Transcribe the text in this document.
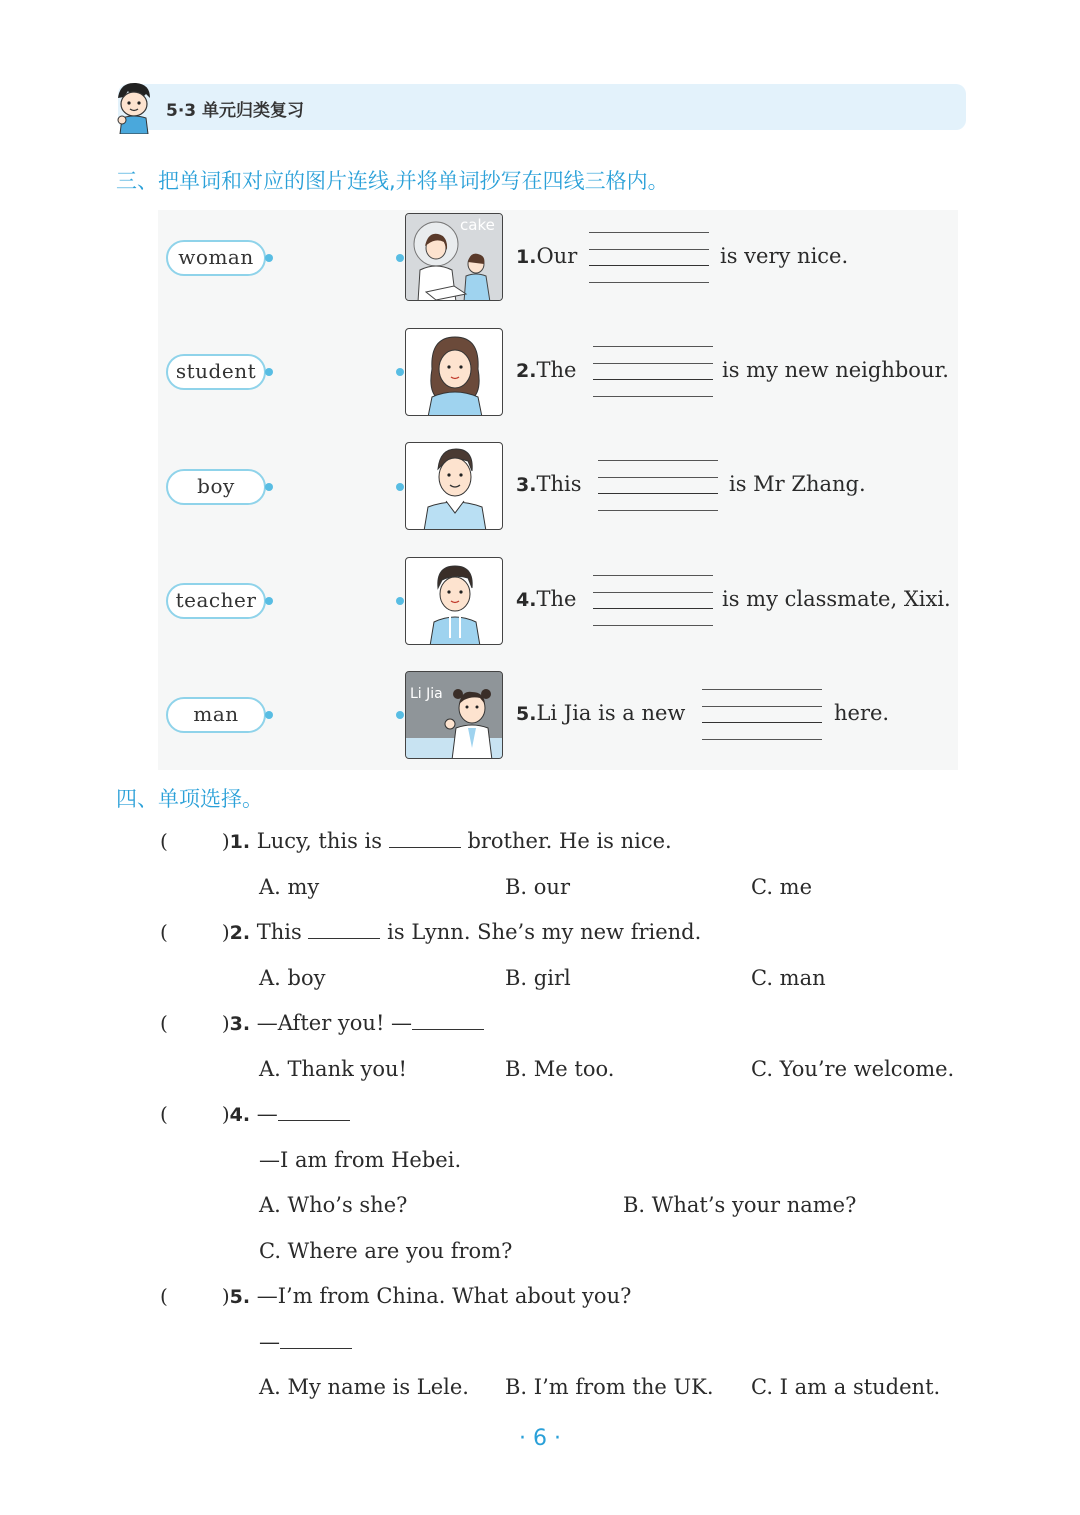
5·3 单元归类复习
三、把单词和对应的图片连线,并将单词抄写在四线三格内。
woman
cake
1.Our	is very nice.
student	2.The	is my new neighbour.
boy	3.This	is Mr Zhang.
teacher	4.The	is my classmate, Xixi.
man
Li Jia
5.Li Jia is a new	here.
四、单项选择。
(	)1. Lucy, this is	brother. He is nice.
A. my	B. our	C. me
(	)2. This	is Lynn. She’s my new friend.
A. boy	B. girl	C. man
(	)3. —After you! —
A. Thank you!	B. Me too.	C. You’re welcome.
(	)4. —
—I am from Hebei.
A. Who’s she?	B. What’s your name?
C. Where are you from?
(	)5. —I’m from China. What about you?
—
A. My name is Lele. B. I’m from the UK. C. I am a student.
· 6 ·
